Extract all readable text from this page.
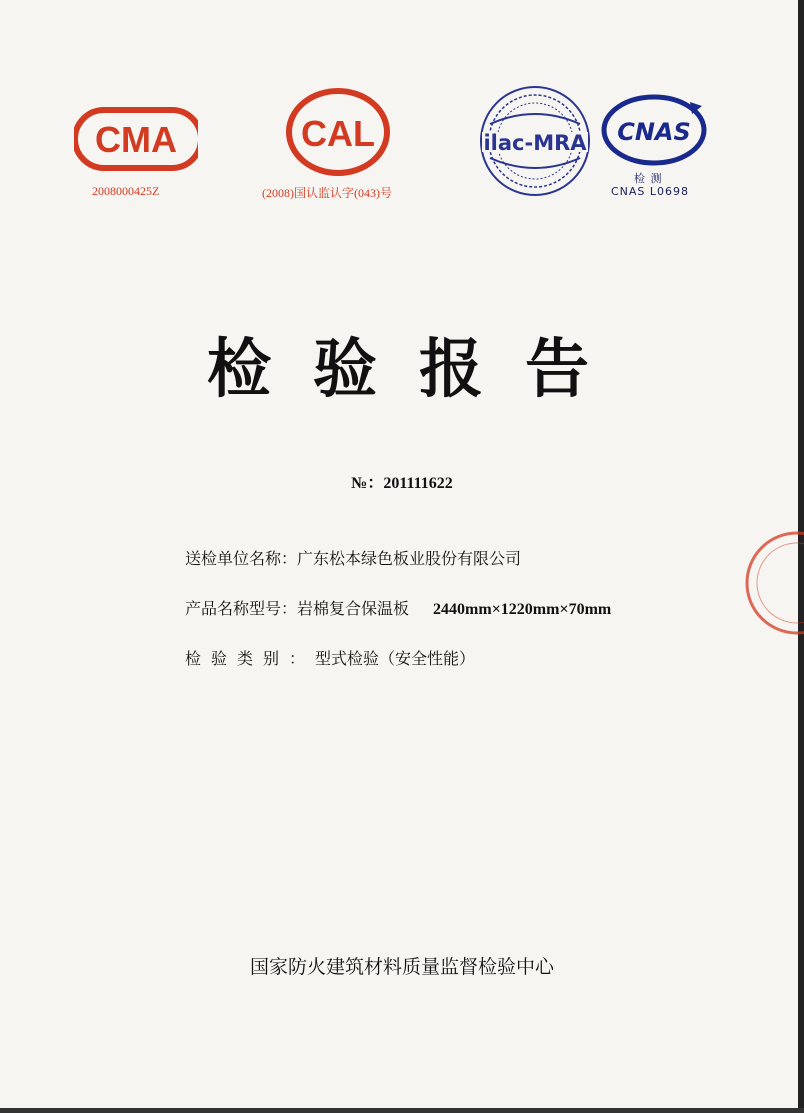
CMA
2008000425Z
CAL
(2008)国认监认字(043)号
ilac-MRA CNAS
检 测
CNAS L0698
检验报告
№：201111622
送检单位名称：广东松本绿色板业股份有限公司
产品名称型号：岩棉复合保温板 2440mm×1220mm×70mm
检验类别：型式检验（安全性能）
国家防火建筑材料质量监督检验中心
